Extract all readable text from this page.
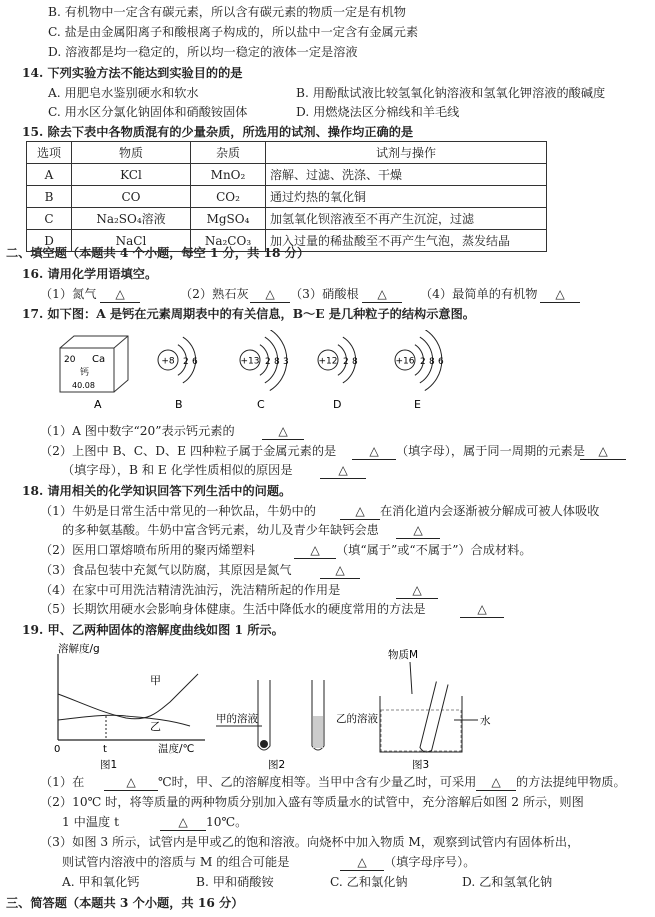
B. 有机物中一定含有碳元素，所以含有碳元素的物质一定是有机物
C. 盐是由金属阳离子和酸根离子构成的，所以盐中一定含有金属元素
D. 溶液都是均一稳定的，所以均一稳定的液体一定是溶液
14. 下列实验方法不能达到实验目的的是
A. 用肥皂水鉴别硬水和软水	B. 用酚酞试液比较氢氧化钠溶液和氢氧化钾溶液的酸碱度
C. 用水区分氯化钠固体和硝酸铵固体	D. 用燃烧法区分棉线和羊毛线
15. 除去下表中各物质混有的少量杂质，所选用的试剂、操作均正确的是
二、填空题（本题共 4 个小题，每空 1 分，共 18 分）
16. 请用化学用语填空。
（1）氮气	（2）熟石灰	（3）硝酸根	（4）最简单的有机物
17. 如下图：A 是钙在元素周期表中的有关信息，B～E 是几种粒子的结构示意图。
（1）A 图中数字“20”表示钙元素的
（2）上图中 B、C、D、E 四种粒子属于金属元素的是	（填字母），属于同一周期的元素是
（填字母），B 和 E 化学性质相似的原因是
18. 请用相关的化学知识回答下列生活中的问题。
（1）牛奶是日常生活中常见的一种饮品，牛奶中的	在消化道内会逐渐被分解成可被人体吸收
的多种氨基酸。牛奶中富含钙元素，幼儿及青少年缺钙会患
（2）医用口罩熔喷布所用的聚丙烯塑料	（填“属于”或“不属于”）合成材料。
（3）食品包装中充氮气以防腐，其原因是氮气
（4）在家中可用洗洁精清洗油污，洗洁精所起的作用是
（5）长期饮用硬水会影响身体健康。生活中降低水的硬度常用的方法是
19. 甲、乙两种固体的溶解度曲线如图 1 所示。
（1）在	℃时，甲、乙的溶解度相等。当甲中含有少量乙时，可采用	的方法提纯甲物质。
（2）10℃ 时，将等质量的两种物质分别加入盛有等质量水的试管中，充分溶解后如图 2 所示，则图
1 中温度 t	10℃。
（3）如图 3 所示，试管内是甲或乙的饱和溶液。向烧杯中加入物质 M，观察到试管内有固体析出，
则试管内溶液中的溶质与 M 的组合可能是	（填字母序号）。
A. 甲和氧化钙	B. 甲和硝酸铵	C. 乙和氯化钠	D. 乙和氢氧化钠
三、简答题（本题共 3 个小题，共 16 分）
△	△	△	△
△
△	△
△
△
△
△
△
△
△
△	△
△
△
选项	物质	杂质	试剂与操作
A	KCl	MnO₂	溶解、过滤、洗涤、干燥
B	CO	CO₂	通过灼热的氧化铜
C	Na₂SO₄溶液	MgSO₄	加氢氧化钡溶液至不再产生沉淀，过滤
D	NaCl	Na₂CO₃	加入过量的稀盐酸至不再产生气泡，蒸发结晶
20 Ca
钙
40.08
+8 2 6	+13 2 8 3	+12 2 8	+16 2 8 6
A	B	C	D	E
溶解度/g
甲
乙
0	t	温度/℃
图1
甲的溶液	乙的溶液
图2
物质M
水
图3
